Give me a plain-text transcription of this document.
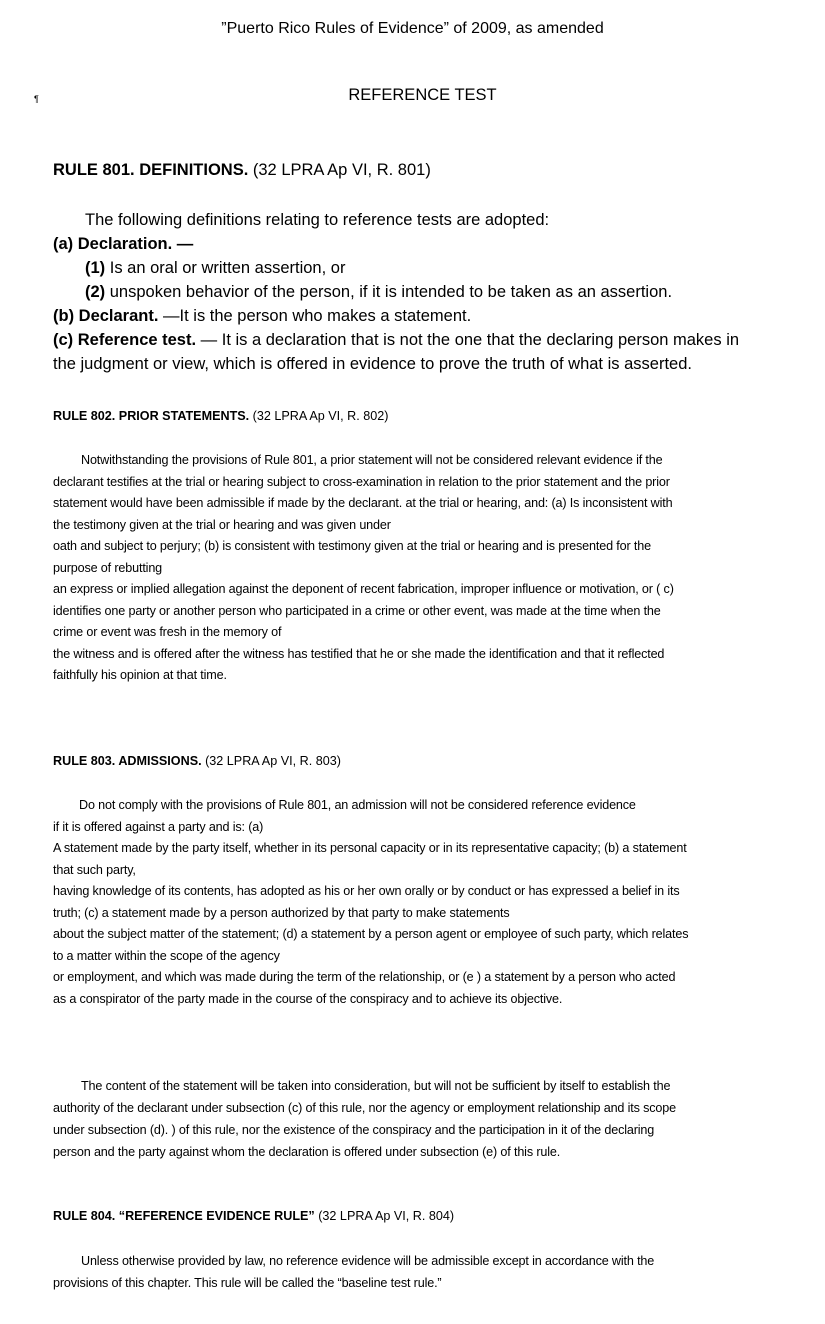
”Puerto Rico Rules of Evidence” of 2009, as amended
¶	REFERENCE TEST
RULE 801. DEFINITIONS. (32 LPRA Ap VI, R. 801)
The following definitions relating to reference tests are adopted:
(a) Declaration. —
(1) Is an oral or written assertion, or
(2) unspoken behavior of the person, if it is intended to be taken as an assertion.
(b) Declarant. —It is the person who makes a statement.
(c) Reference test. — It is a declaration that is not the one that the declaring person makes in
the judgment or view, which is offered in evidence to prove the truth of what is asserted.
RULE 802. PRIOR STATEMENTS. (32 LPRA Ap VI, R. 802)
Notwithstanding the provisions of Rule 801, a prior statement will not be considered relevant evidence if the
declarant testifies at the trial or hearing subject to cross-examination in relation to the prior statement and the prior
statement would have been admissible if made by the declarant. at the trial or hearing, and: (a) Is inconsistent with
the testimony given at the trial or hearing and was given under
oath and subject to perjury; (b) is consistent with testimony given at the trial or hearing and is presented for the
purpose of rebutting
an express or implied allegation against the deponent of recent fabrication, improper influence or motivation, or ( c)
identifies one party or another person who participated in a crime or other event, was made at the time when the
crime or event was fresh in the memory of
the witness and is offered after the witness has testified that he or she made the identification and that it reflected
faithfully his opinion at that time.
RULE 803. ADMISSIONS. (32 LPRA Ap VI, R. 803)
Do not comply with the provisions of Rule 801, an admission will not be considered reference evidence
if it is offered against a party and is: (a)
A statement made by the party itself, whether in its personal capacity or in its representative capacity; (b) a statement
that such party,
having knowledge of its contents, has adopted as his or her own orally or by conduct or has expressed a belief in its
truth; (c) a statement made by a person authorized by that party to make statements
about the subject matter of the statement; (d) a statement by a person agent or employee of such party, which relates
to a matter within the scope of the agency
or employment, and which was made during the term of the relationship, or (e ) a statement by a person who acted
as a conspirator of the party made in the course of the conspiracy and to achieve its objective.
The content of the statement will be taken into consideration, but will not be sufficient by itself to establish the
authority of the declarant under subsection (c) of this rule, nor the agency or employment relationship and its scope
under subsection (d). ) of this rule, nor the existence of the conspiracy and the participation in it of the declaring
person and the party against whom the declaration is offered under subsection (e) of this rule.
RULE 804. “REFERENCE EVIDENCE RULE” (32 LPRA Ap VI, R. 804)
Unless otherwise provided by law, no reference evidence will be admissible except in accordance with the
provisions of this chapter. This rule will be called the “baseline test rule.”
